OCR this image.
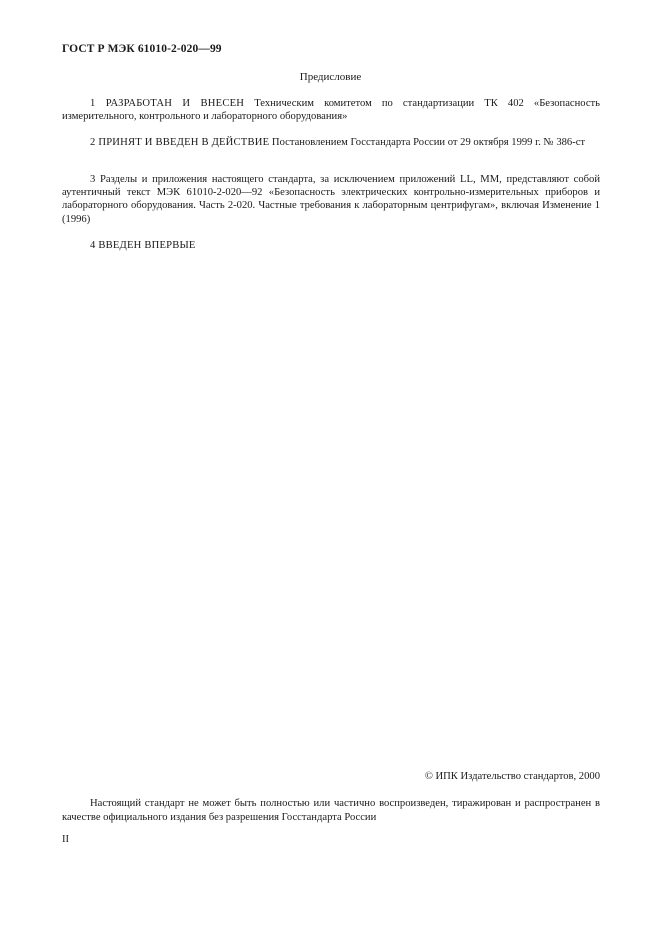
ГОСТ Р МЭК 61010-2-020—99
Предисловие
1 РАЗРАБОТАН И ВНЕСЕН Техническим комитетом по стандартизации ТК 402 «Безопасность измерительного, контрольного и лабораторного оборудования»
2 ПРИНЯТ И ВВЕДЕН В ДЕЙСТВИЕ Постановлением Госстандарта России от 29 октября 1999 г. № 386-ст
3 Разделы и приложения настоящего стандарта, за исключением приложений LL, MM, представляют собой аутентичный текст МЭК 61010-2-020—92 «Безопасность электрических контрольно-измерительных приборов и лабораторного оборудования. Часть 2-020. Частные требования к лабораторным центрифугам», включая Изменение 1 (1996)
4 ВВЕДЕН ВПЕРВЫЕ
© ИПК Издательство стандартов, 2000
Настоящий стандарт не может быть полностью или частично воспроизведен, тиражирован и распространен в качестве официального издания без разрешения Госстандарта России
II
